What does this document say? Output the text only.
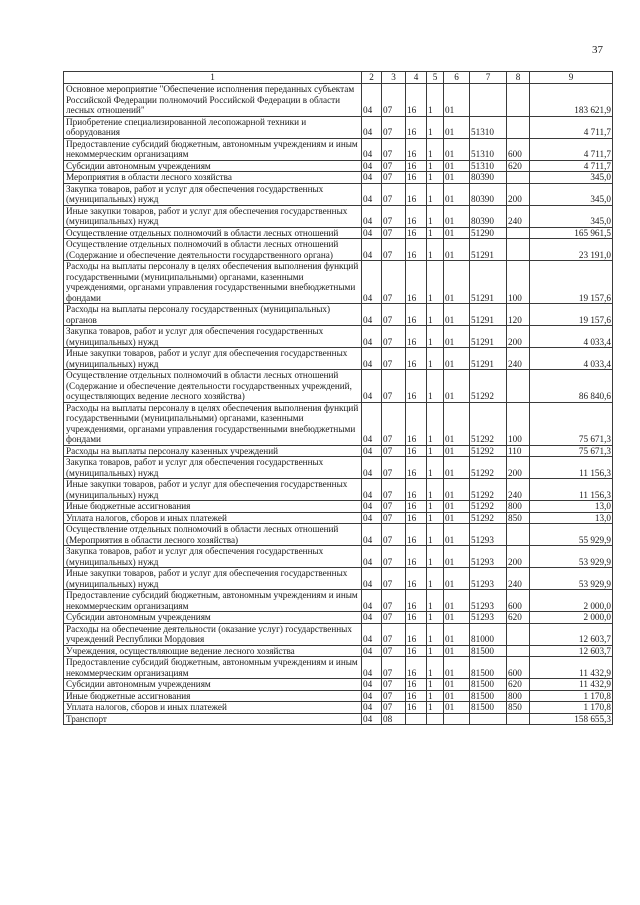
37
1	2	3	4	5	6	7	8	9
Основное мероприятие "Обеспечение исполнения переданных субъектам Российской Федерации полномочий Российской Федерации в области лесных отношений"	04	07	16	1	01			183 621,9
Приобретение специализированной лесопожарной техники и оборудования	04	07	16	1	01	51310		4 711,7
Предоставление субсидий бюджетным, автономным учреждениям и иным некоммерческим организациям	04	07	16	1	01	51310	600	4 711,7
Субсидии автономным учреждениям	04	07	16	1	01	51310	620	4 711,7
Мероприятия в области лесного хозяйства	04	07	16	1	01	80390		345,0
Закупка товаров, работ и услуг для обеспечения государственных (муниципальных) нужд	04	07	16	1	01	80390	200	345,0
Иные закупки товаров, работ и услуг для обеспечения государственных (муниципальных) нужд	04	07	16	1	01	80390	240	345,0
Осуществление отдельных полномочий в области лесных отношений	04	07	16	1	01	51290		165 961,5
Осуществление отдельных полномочий в области лесных отношений (Содержание и обеспечение деятельности государственного органа)	04	07	16	1	01	51291		23 191,0
Расходы на выплаты персоналу в целях обеспечения выполнения функций государственными (муниципальными) органами, казенными учреждениями, органами управления государственными внебюджетными фондами	04	07	16	1	01	51291	100	19 157,6
Расходы на выплаты персоналу государственных (муниципальных) органов	04	07	16	1	01	51291	120	19 157,6
Закупка товаров, работ и услуг для обеспечения государственных (муниципальных) нужд	04	07	16	1	01	51291	200	4 033,4
Иные закупки товаров, работ и услуг для обеспечения государственных (муниципальных) нужд	04	07	16	1	01	51291	240	4 033,4
Осуществление отдельных полномочий в области лесных отношений (Содержание и обеспечение деятельности государственных учреждений, осуществляющих ведение лесного хозяйства)	04	07	16	1	01	51292		86 840,6
Расходы на выплаты персоналу в целях обеспечения выполнения функций государственными (муниципальными) органами, казенными учреждениями, органами управления государственными внебюджетными фондами	04	07	16	1	01	51292	100	75 671,3
Расходы на выплаты персоналу казенных учреждений	04	07	16	1	01	51292	110	75 671,3
Закупка товаров, работ и услуг для обеспечения государственных (муниципальных) нужд	04	07	16	1	01	51292	200	11 156,3
Иные закупки товаров, работ и услуг для обеспечения государственных (муниципальных) нужд	04	07	16	1	01	51292	240	11 156,3
Иные бюджетные ассигнования	04	07	16	1	01	51292	800	13,0
Уплата налогов, сборов и иных платежей	04	07	16	1	01	51292	850	13,0
Осуществление отдельных полномочий в области лесных отношений (Мероприятия в области лесного хозяйства)	04	07	16	1	01	51293		55 929,9
Закупка товаров, работ и услуг для обеспечения государственных (муниципальных) нужд	04	07	16	1	01	51293	200	53 929,9
Иные закупки товаров, работ и услуг для обеспечения государственных (муниципальных) нужд	04	07	16	1	01	51293	240	53 929,9
Предоставление субсидий бюджетным, автономным учреждениям и иным некоммерческим организациям	04	07	16	1	01	51293	600	2 000,0
Субсидии автономным учреждениям	04	07	16	1	01	51293	620	2 000,0
Расходы на обеспечение деятельности (оказание услуг) государственных учреждений Республики Мордовия	04	07	16	1	01	81000		12 603,7
Учреждения, осуществляющие ведение лесного хозяйства	04	07	16	1	01	81500		12 603,7
Предоставление субсидий бюджетным, автономным учреждениям и иным некоммерческим организациям	04	07	16	1	01	81500	600	11 432,9
Субсидии автономным учреждениям	04	07	16	1	01	81500	620	11 432,9
Иные бюджетные ассигнования	04	07	16	1	01	81500	800	1 170,8
Уплата налогов, сборов и иных платежей	04	07	16	1	01	81500	850	1 170,8
Транспорт	04	08						158 655,3
